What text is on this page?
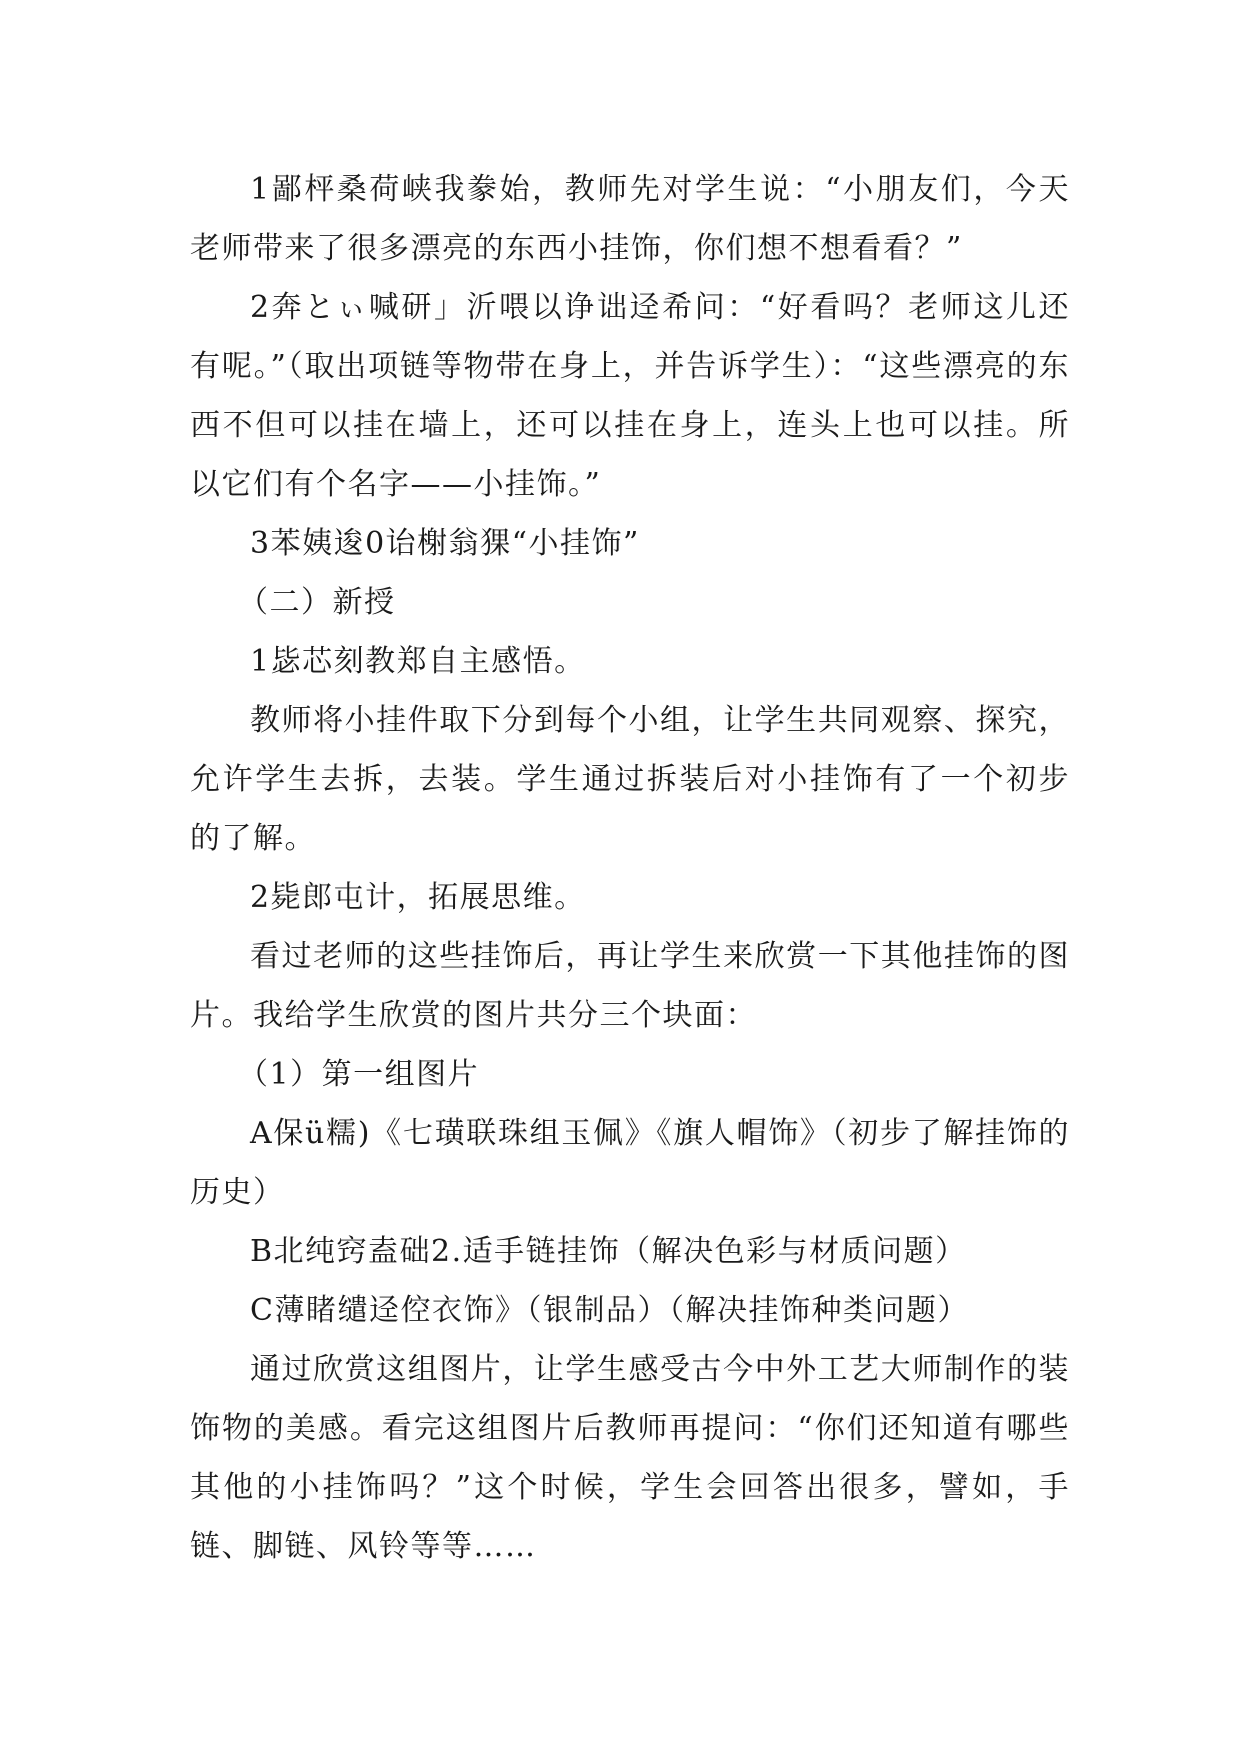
1鄙枰桑荷峡我豢始，教师先对学生说：“小朋友们，今天老师带来了很多漂亮的东西小挂饰，你们想不想看看？”

2奔とぃ喊研」沂喂以诤诎迳希问：“好看吗？老师这儿还有呢。”（取出项链等物带在身上，并告诉学生）：“这些漂亮的东西不但可以挂在墙上，还可以挂在身上，连头上也可以挂。所以它们有个名字——小挂饰。”

3苯姨逡0诒榭翁猓“小挂饰”

（二）新授

1毖芯刻教郑自主感悟。

教师将小挂件取下分到每个小组，让学生共同观察、探究，允许学生去拆，去装。学生通过拆装后对小挂饰有了一个初步的了解。

2毙郎屯计，拓展思维。

看过老师的这些挂饰后，再让学生来欣赏一下其他挂饰的图片。我给学生欣赏的图片共分三个块面：

（1）第一组图片

A保ü糯)《七璜联珠组玉佩》《旗人帽饰》（初步了解挂饰的历史）

B北纯窍盍础2.适手链挂饰（解决色彩与材质问题）

C薄睹缱迳倥衣饰》（银制品）（解决挂饰种类问题）

通过欣赏这组图片，让学生感受古今中外工艺大师制作的装饰物的美感。看完这组图片后教师再提问：“你们还知道有哪些其他的小挂饰吗？”这个时候，学生会回答出很多，譬如，手链、脚链、风铃等等……
